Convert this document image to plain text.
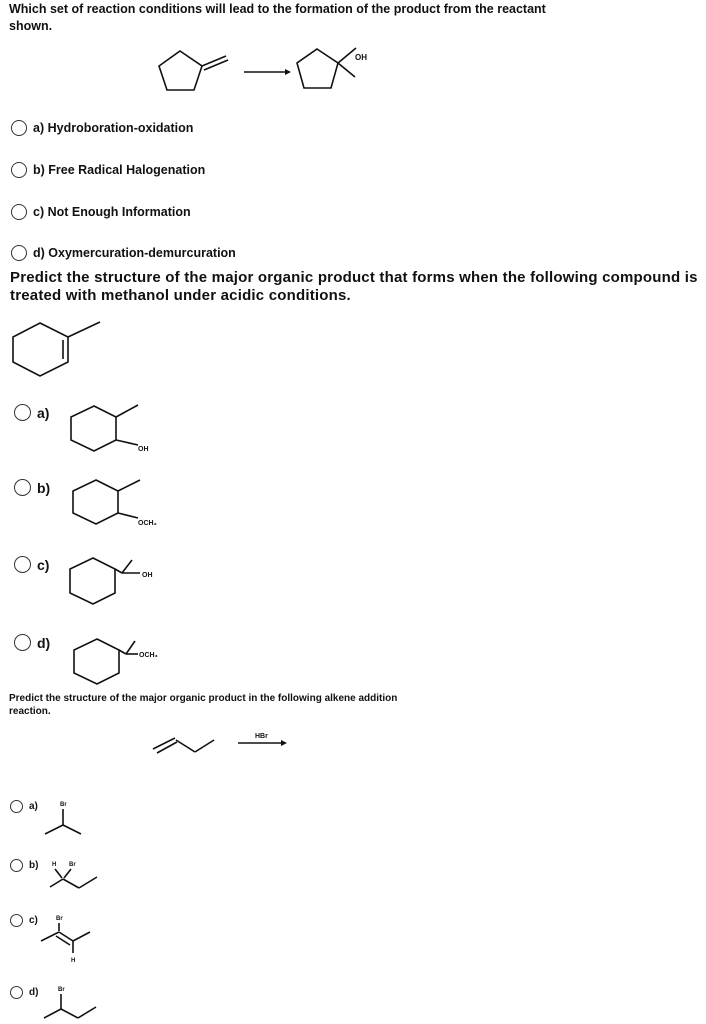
Which set of reaction conditions will lead to the formation of the product from the reactant shown.
OH
a) Hydroboration-oxidation
b) Free Radical Halogenation
c) Not Enough Information
d) Oxymercuration-demurcuration
Predict the structure of the major organic product that forms when the following compound is treated with methanol under acidic conditions.
a)
OH
b)
OCH₃
c)
OH
d)
OCH₃
Predict the structure of the major organic product in the following alkene addition reaction.
HBr
a)	Br
b) H Br
c)	Br
H
d)	Br
